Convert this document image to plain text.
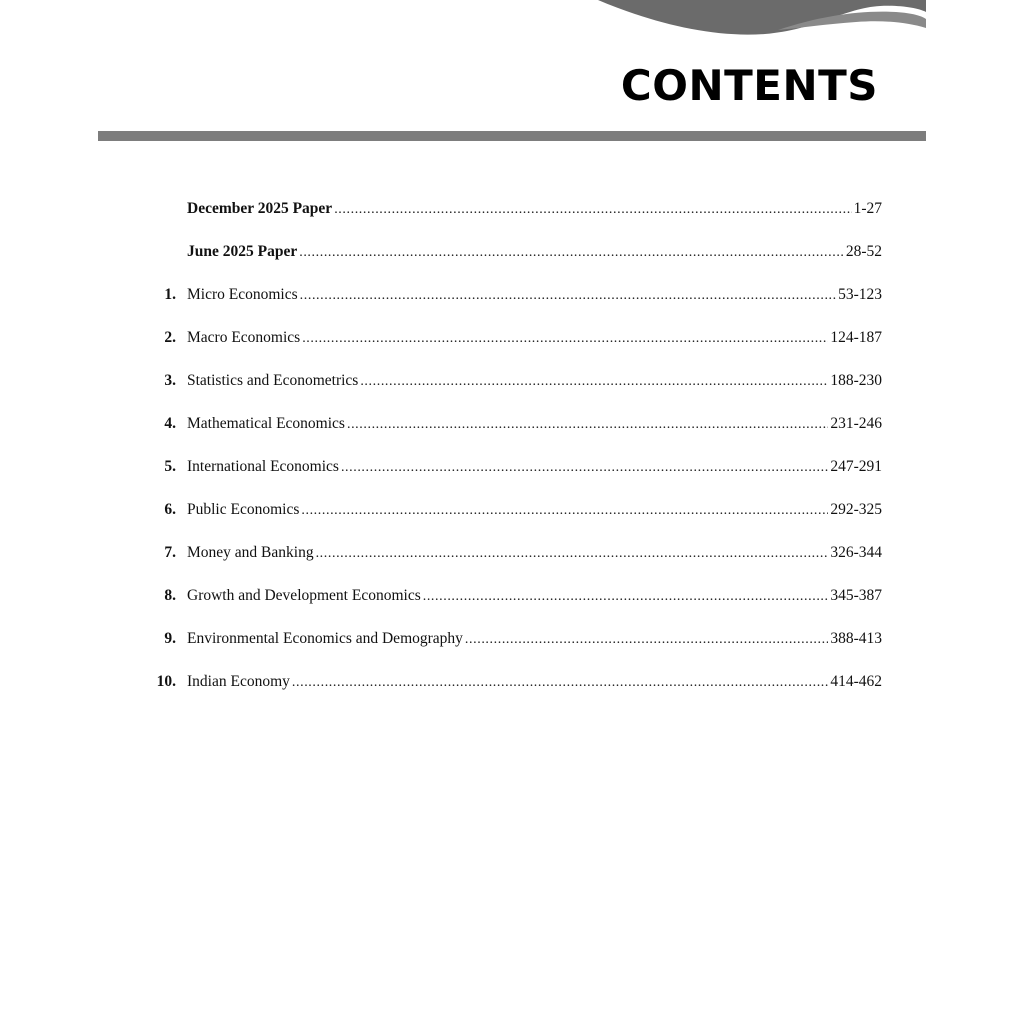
CONTENTS
December 2025 Paper .....	1-27
June 2025 Paper .....	28-52
1. Micro Economics .....	53-123
2. Macro Economics .....	124-187
3. Statistics and Econometrics .....	188-230
4. Mathematical Economics .....	231-246
5. International Economics .....	247-291
6. Public Economics .....	292-325
7. Money and Banking .....	326-344
8. Growth and Development Economics .....	345-387
9. Environmental Economics and Demography .....	388-413
10. Indian Economy .....	414-462
